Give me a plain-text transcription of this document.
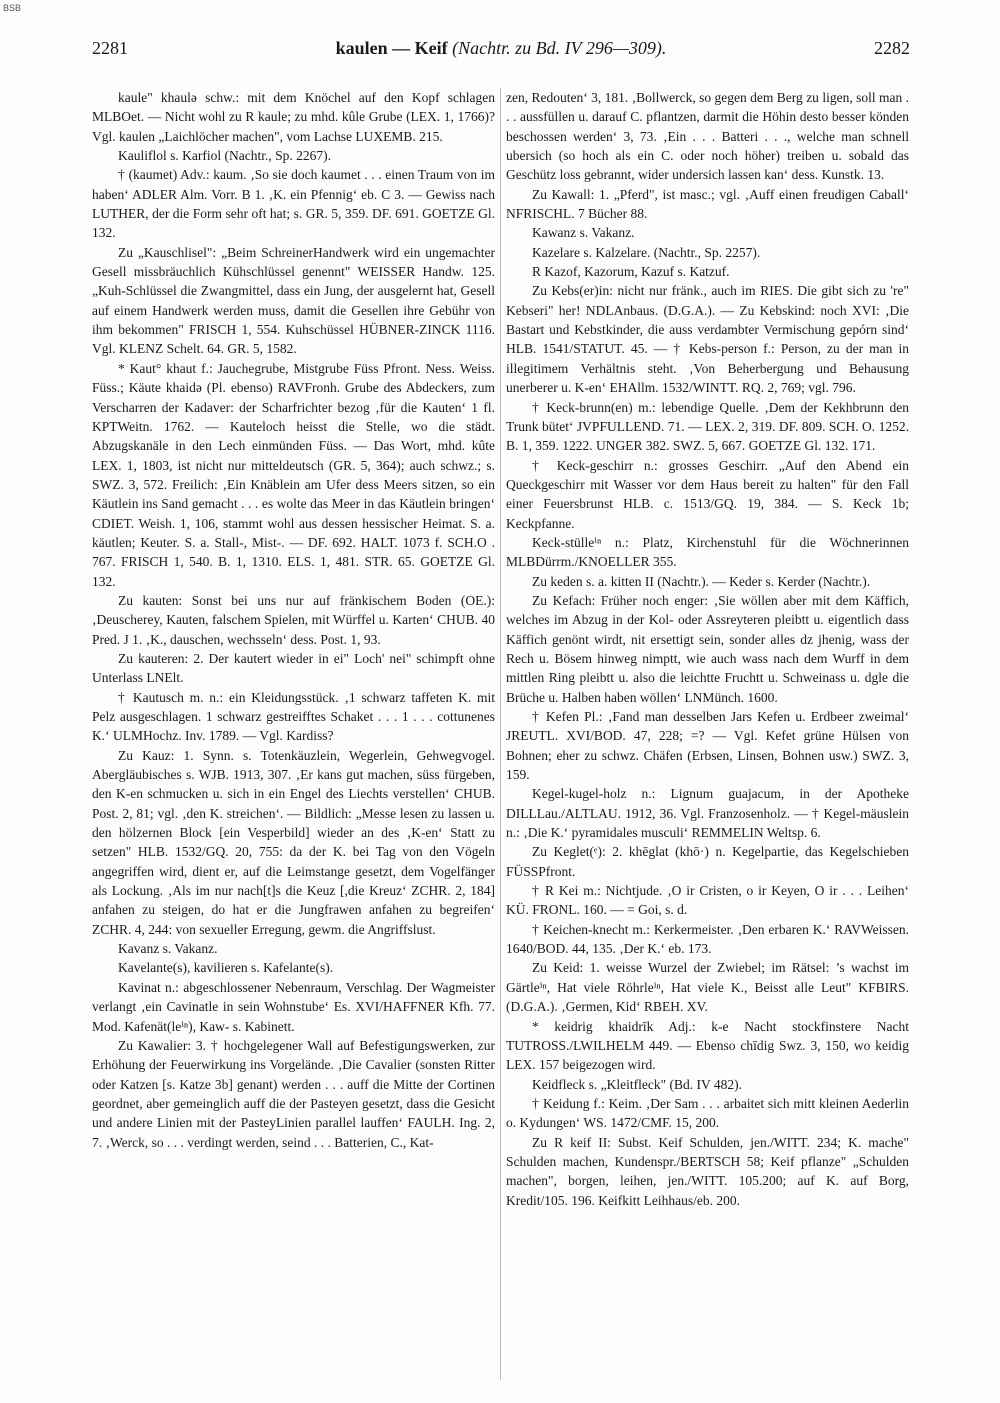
BSB
2281	kaulen — Keif (Nachtr. zu Bd. IV 296—309).	2282

kaule" khaulə schw.: mit dem Knöchel auf den Kopf schlagen MLBOet. — Nicht wohl zu R kaule; zu mhd. kûle Grube (LEX. 1, 1766)? Vgl. kaulen „Laichlöcher machen", vom Lachse LUXEMB. 215.

Kauliflol s. Karfiol (Nachtr., Sp. 2267).

† (kaumet) Adv.: kaum. ‚So sie doch kaumet . . . einen Traum von im haben‘ ADLER Alm. Vorr. B 1. ‚K. ein Pfennig‘ eb. C 3. — Gewiss nach LUTHER, der die Form sehr oft hat; s. GR. 5, 359. DF. 691. GOETZE Gl. 132.

Zu „Kauschlisel": „Beim SchreinerHandwerk wird ein ungemachter Gesell missbräuchlich Kühschlüssel genennt" WEISSER Handw. 125. „Kuh-Schlüssel die Zwangmittel, dass ein Jung, der ausgelernt hat, Gesell auf einem Handwerk werden muss, damit die Gesellen ihre Gebühr von ihm bekommen" FRISCH 1, 554. Kuhschüssel HÜBNER-ZINCK 1116. Vgl. KLENZ Schelt. 64. GR. 5, 1582.

* Kaut° khaut f.: Jauchegrube, Mistgrube Füss Pfront. Ness. Weiss. Füss.; Käute khaidə (Pl. ebenso) RAVFronh. Grube des Abdeckers, zum Verscharren der Kadaver: der Scharfrichter bezog ‚für die Kauten‘ 1 fl. KPTWeitn. 1762. — Kauteloch heisst die Stelle, wo die städt. Abzugskanäle in den Lech einmünden Füss. — Das Wort, mhd. kûte LEX. 1, 1803, ist nicht nur mitteldeutsch (GR. 5, 364); auch schwz.; s. SWZ. 3, 572. Freilich: ‚Ein Knäblein am Ufer dess Meers sitzen, so ein Käutlein ins Sand gemacht . . . es wolte das Meer in das Käutlein bringen‘ CDIET. Weish. 1, 106, stammt wohl aus dessen hessischer Heimat. S. a. käutlen; Keuter. S. a. Stall-, Mist-. — DF. 692. HALT. 1073 f. SCH.O . 767. FRISCH 1, 540. B. 1, 1310. ELS. 1, 481. STR. 65. GOETZE Gl. 132.

Zu kauten: Sonst bei uns nur auf fränkischem Boden (OE.): ‚Deuscherey, Kauten, falschem Spielen, mit Würffel u. Karten‘ CHUB. 40 Pred. J 1. ‚K., dauschen, wechsseln‘ dess. Post. 1, 93.

Zu kauteren: 2. Der kautert wieder in ei" Loch' nei" schimpft ohne Unterlass LNElt.

† Kautusch m. n.: ein Kleidungsstück. ‚1 schwarz taffeten K. mit Pelz ausgeschlagen. 1 schwarz gestreifftes Schaket . . . 1 . . . cottunenes K.‘ ULMHochz. Inv. 1789. — Vgl. Kardiss?

Zu Kauz: 1. Synn. s. Totenkäuzlein, Wegerlein, Gehwegvogel. Abergläubisches s. WJB. 1913, 307. ‚Er kans gut machen, süss fürgeben, den K-en schmucken u. sich in ein Engel des Liechts verstellen‘ CHUB. Post. 2, 81; vgl. ‚den K. streichen‘. — Bildlich: „Messe lesen zu lassen u. den hölzernen Block [ein Vesperbild] wieder an des ‚K-en‘ Statt zu setzen" HLB. 1532/GQ. 20, 755: da der K. bei Tag von den Vögeln angegriffen wird, dient er, auf die Leimstange gesetzt, dem Vogelfänger als Lockung. ‚Als im nur nach[t]s die Keuz [,die Kreuz‘ ZCHR. 2, 184] anfahen zu steigen, do hat er die Jungfrawen anfahen zu begreifen‘ ZCHR. 4, 244: von sexueller Erregung, gewm. die Angriffslust.

Kavanz s. Vakanz.

Kavelante(s), kavilieren s. Kafelante(s).

Kavinat n.: abgeschlossener Nebenraum, Verschlag. Der Wagmeister verlangt ‚ein Cavinatle in sein Wohnstube‘ Es. XVI/HAFFNER Kfh. 77. Mod. Kafenät(leⁱⁿ), Kaw- s. Kabinett.

Zu Kawalier: 3. † hochgelegener Wall auf Befestigungswerken, zur Erhöhung der Feuerwirkung ins Vorgelände. ‚Die Cavalier (sonsten Ritter oder Katzen [s. Katze 3b] genant) werden . . . auff die Mitte der Cortinen geordnet, aber gemeinglich auff die der Pasteyen gesetzt, dass die Gesicht und andere Linien mit der PasteyLinien parallel lauffen‘ FAULH. Ing. 2, 7. ‚Werck, so . . . verdingt werden, seind . . . Batterien, C., Kat-

zen, Redouten‘ 3, 181. ‚Bollwerck, so gegen dem Berg zu ligen, soll man . . . aussfüllen u. darauf C. pflantzen, darmit die Höhin desto besser könden beschossen werden‘ 3, 73. ‚Ein . . . Batteri . . ., welche man schnell ubersich (so hoch als ein C. oder noch höher) treiben u. sobald das Geschütz loss gebrannt, wider undersich lassen kan‘ dess. Kunstk. 13.

Zu Kawall: 1. „Pferd", ist masc.; vgl. ‚Auff einen freudigen Caball‘ NFRISCHL. 7 Bücher 88.

Kawanz s. Vakanz.

Kazelare s. Kalzelare. (Nachtr., Sp. 2257).

R Kazof, Kazorum, Kazuf s. Katzuf.

Zu Kebs(er)in: nicht nur fränk., auch im RIES. Die gibt sich zu 're" Kebseri" her! NDLAnbaus. (D.G.A.). — Zu Kebskind: noch XVI: ‚Die Bastart und Kebstkinder, die auss verdambter Vermischung gepórn sind‘ HLB. 1541/STATUT. 45. — † Kebs-person f.: Person, zu der man in illegitimem Verhältnis steht. ‚Von Beherbergung und Behausung unerberer u. K-en‘ EHAllm. 1532/WINTT. RQ. 2, 769; vgl. 796.

† Keck-brunn(en) m.: lebendige Quelle. ‚Dem der Kekhbrunn den Trunk bütet‘ JVPFULLEND. 71. — LEX. 2, 319. DF. 809. SCH. O. 1252. B. 1, 359. 1222. UNGER 382. SWZ. 5, 667. GOETZE Gl. 132. 171.

† Keck-geschirr n.: grosses Geschirr. „Auf den Abend ein Queckgeschirr mit Wasser vor dem Haus bereit zu halten" für den Fall einer Feuersbrunst HLB. c. 1513/GQ. 19, 384. — S. Keck 1b; Keckpfanne.

Keck-stülleⁱⁿ n.: Platz, Kirchenstuhl für die Wöchnerinnen MLBDürrm./KNOELLER 355.

Zu keden s. a. kitten II (Nachtr.). — Keder s. Kerder (Nachtr.).

Zu Kefach: Früher noch enger: ‚Sie wöllen aber mit dem Käffich, welches im Abzug in der Kol- oder Assreyteren pleibtt u. eigentlich dass Käffich genönt wirdt, nit ersettigt sein, sonder alles dz jhenig, wass der Rech u. Bösem hinweg nimptt, wie auch wass nach dem Wurff in dem mittlen Ring pleibtt u. also die leichtte Fruchtt u. Schweinass u. dgle die Brüche u. Halben haben wöllen‘ LNMünch. 1600.

† Kefen Pl.: ‚Fand man desselben Jars Kefen u. Erdbeer zweimal‘ JREUTL. XVI/BOD. 47, 228; =? — Vgl. Kefet grüne Hülsen von Bohnen; eher zu schwz. Chäfen (Erbsen, Linsen, Bohnen usw.) SWZ. 3, 159.

Kegel-kugel-holz n.: Lignum guajacum, in der Apotheke DILLLau./ALTLAU. 1912, 36. Vgl. Franzosenholz. — † Kegel-mäuslein n.: ‚Die K.‘ pyramidales musculi‘ REMMELIN Weltsp. 6.

Zu Keglet(ᵉ): 2. khēglat (khō·) n. Kegelpartie, das Kegelschieben FÜSSPfront.

† R Kei m.: Nichtjude. ‚O ir Cristen, o ir Keyen, O ir . . . Leihen‘ KÜ. FRONL. 160. — = Goi, s. d.

† Keichen-knecht m.: Kerkermeister. ‚Den erbaren K.‘ RAVWeissen. 1640/BOD. 44, 135. ‚Der K.‘ eb. 173.

Zu Keid: 1. weisse Wurzel der Zwiebel; im Rätsel: ’s wachst im Gärtleⁱⁿ, Hat viele Röhrleⁱⁿ, Hat viele K., Beisst alle Leut" KFBIRS. (D.G.A.). ‚Germen, Kid‘ RBEH. XV.

* keidrig khaidrīk Adj.: k-e Nacht stockfinstere Nacht TUTROSS./LWILHELM 449. — Ebenso chīdig Swz. 3, 150, wo keidig LEX. 157 beigezogen wird.

Keidfleck s. „Kleitfleck" (Bd. IV 482).

† Keidung f.: Keim. ‚Der Sam . . . arbaitet sich mitt kleinen Aederlin o. Kydungen‘ WS. 1472/CMF. 15, 200.

Zu R keif II: Subst. Keif Schulden, jen./WITT. 234; K. mache" Schulden machen, Kundenspr./BERTSCH 58; Keif pflanze" „Schulden machen", borgen, leihen, jen./WITT. 105.200; auf K. auf Borg, Kredit/105. 196. Keifkitt Leihhaus/eb. 200.
